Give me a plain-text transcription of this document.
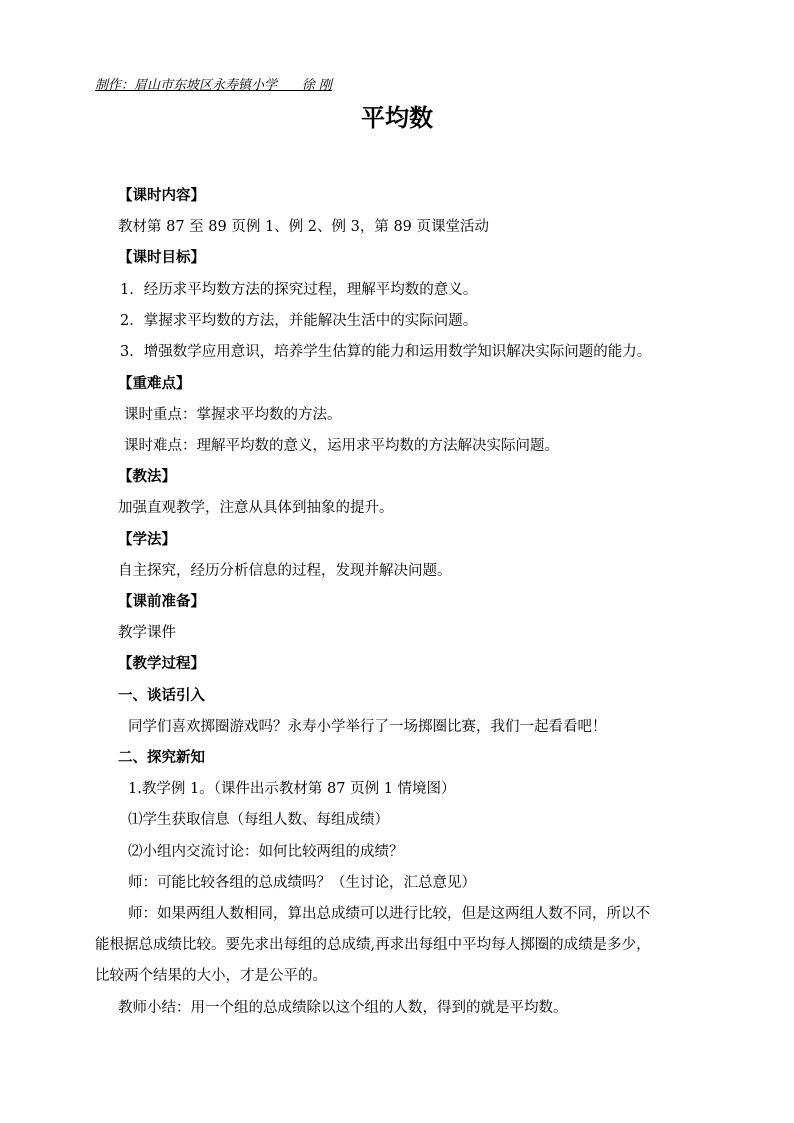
制作：眉山市东坡区永寿镇小学      徐 刚
平均数
【课时内容】
教材第 87 至 89 页例 1、例 2、例 3，第 89 页课堂活动
【课时目标】
1．经历求平均数方法的探究过程，理解平均数的意义。
2．掌握求平均数的方法，并能解决生活中的实际问题。
3．增强数学应用意识，培养学生估算的能力和运用数学知识解决实际问题的能力。
【重难点】
课时重点：掌握求平均数的方法。
课时难点：理解平均数的意义，运用求平均数的方法解决实际问题。
【教法】
加强直观教学，注意从具体到抽象的提升。
【学法】
自主探究，经历分析信息的过程，发现并解决问题。
【课前准备】
教学课件
【教学过程】
一、谈话引入
同学们喜欢掷圈游戏吗？永寿小学举行了一场掷圈比赛，我们一起看看吧！
二、探究新知
1.教学例 1。（课件出示教材第 87 页例 1 情境图）
⑴学生获取信息（每组人数、每组成绩）
⑵小组内交流讨论：如何比较两组的成绩？
师：可能比较各组的总成绩吗？（生讨论，汇总意见）
师：如果两组人数相同，算出总成绩可以进行比较，但是这两组人数不同，所以不
能根据总成绩比较。要先求出每组的总成绩,再求出每组中平均每人掷圈的成绩是多少，
比较两个结果的大小，才是公平的。
教师小结：用一个组的总成绩除以这个组的人数，得到的就是平均数。
